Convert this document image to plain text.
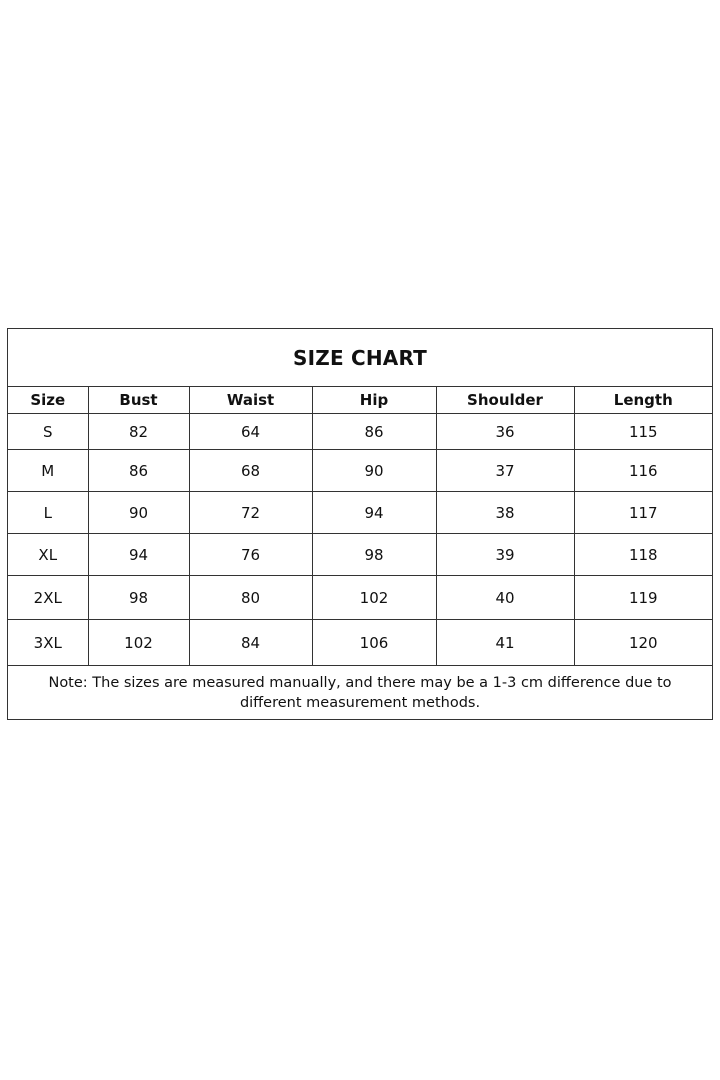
SIZE CHART					
Size	Bust	Waist	Hip	Shoulder	Length
S	82	64	86	36	115
M	86	68	90	37	116
L	90	72	94	38	117
XL	94	76	98	39	118
2XL	98	80	102	40	119
3XL	102	84	106	41	120
Note: The sizes are measured manually, and there may be a 1-3 cm difference due to different measurement methods.					
